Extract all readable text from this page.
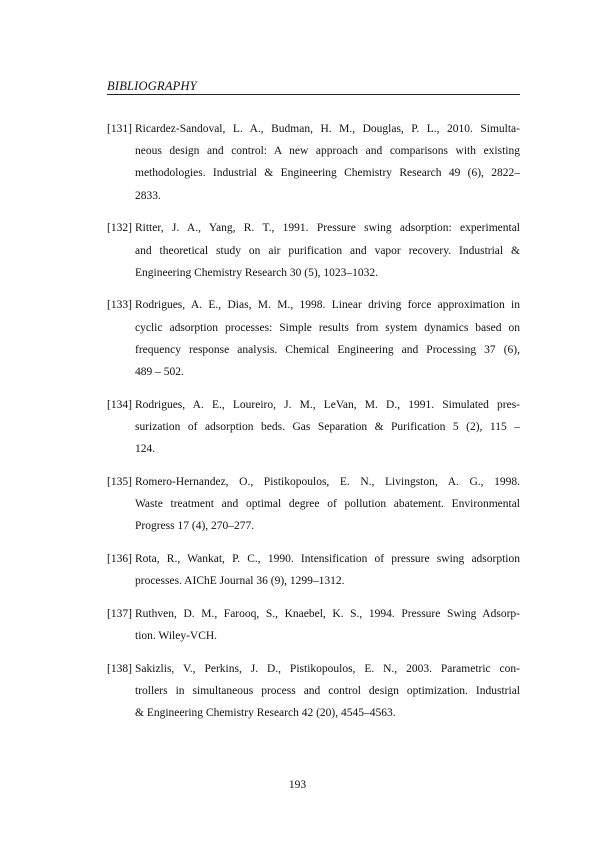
BIBLIOGRAPHY
[131] Ricardez-Sandoval, L. A., Budman, H. M., Douglas, P. L., 2010. Simulta-
neous design and control: A new approach and comparisons with existing
methodologies. Industrial & Engineering Chemistry Research 49 (6), 2822–
2833.
[132] Ritter, J. A., Yang, R. T., 1991. Pressure swing adsorption: experimental
and theoretical study on air purification and vapor recovery. Industrial &
Engineering Chemistry Research 30 (5), 1023–1032.
[133] Rodrigues, A. E., Dias, M. M., 1998. Linear driving force approximation in
cyclic adsorption processes: Simple results from system dynamics based on
frequency response analysis. Chemical Engineering and Processing 37 (6),
489 – 502.
[134] Rodrigues, A. E., Loureiro, J. M., LeVan, M. D., 1991. Simulated pres-
surization of adsorption beds. Gas Separation & Purification 5 (2), 115 –
124.
[135] Romero-Hernandez, O., Pistikopoulos, E. N., Livingston, A. G., 1998.
Waste treatment and optimal degree of pollution abatement. Environmental
Progress 17 (4), 270–277.
[136] Rota, R., Wankat, P. C., 1990. Intensification of pressure swing adsorption
processes. AIChE Journal 36 (9), 1299–1312.
[137] Ruthven, D. M., Farooq, S., Knaebel, K. S., 1994. Pressure Swing Adsorp-
tion. Wiley-VCH.
[138] Sakizlis, V., Perkins, J. D., Pistikopoulos, E. N., 2003. Parametric con-
trollers in simultaneous process and control design optimization. Industrial
& Engineering Chemistry Research 42 (20), 4545–4563.
193
